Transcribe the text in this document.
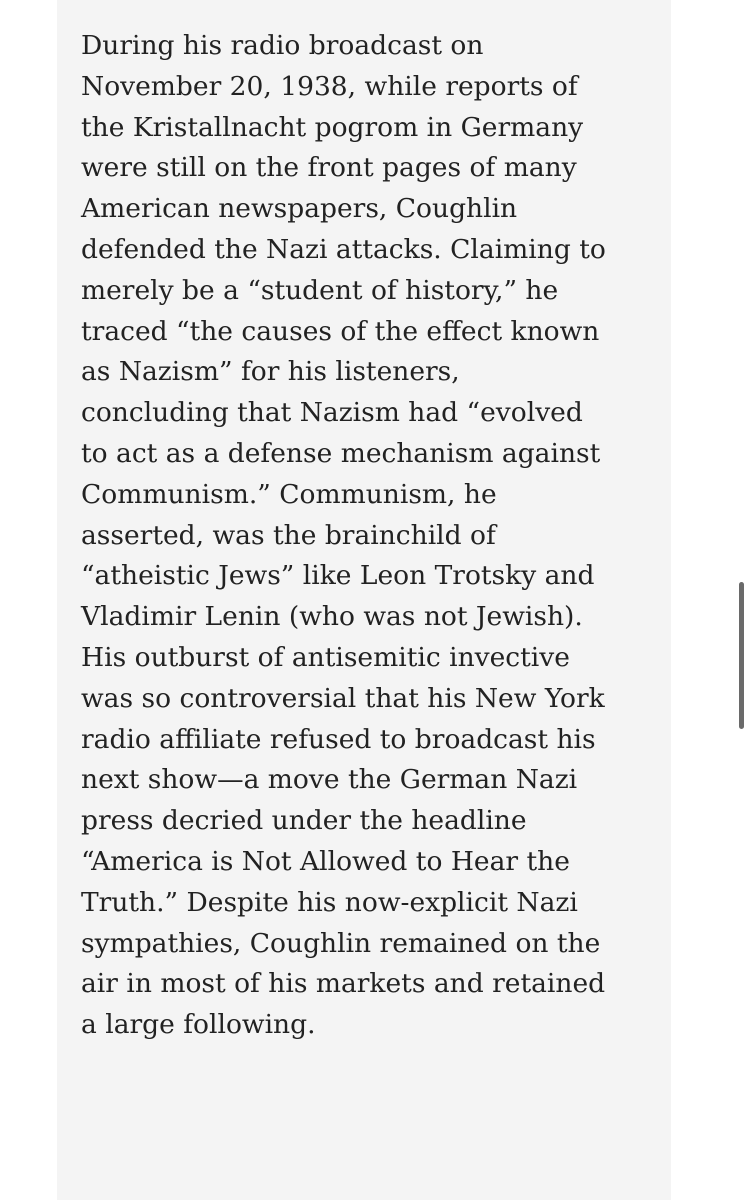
During his radio broadcast on
November 20, 1938, while reports of
the Kristallnacht pogrom in Germany
were still on the front pages of many
American newspapers, Coughlin
defended the Nazi attacks. Claiming to
merely be a “student of history,” he
traced “the causes of the effect known
as Nazism” for his listeners,
concluding that Nazism had “evolved
to act as a defense mechanism against
Communism.” Communism, he
asserted, was the brainchild of
“atheistic Jews” like Leon Trotsky and
Vladimir Lenin (who was not Jewish).
His outburst of antisemitic invective
was so controversial that his New York
radio affiliate refused to broadcast his
next show—a move the German Nazi
press decried under the headline
“America is Not Allowed to Hear the
Truth.” Despite his now-explicit Nazi
sympathies, Coughlin remained on the
air in most of his markets and retained
a large following.
